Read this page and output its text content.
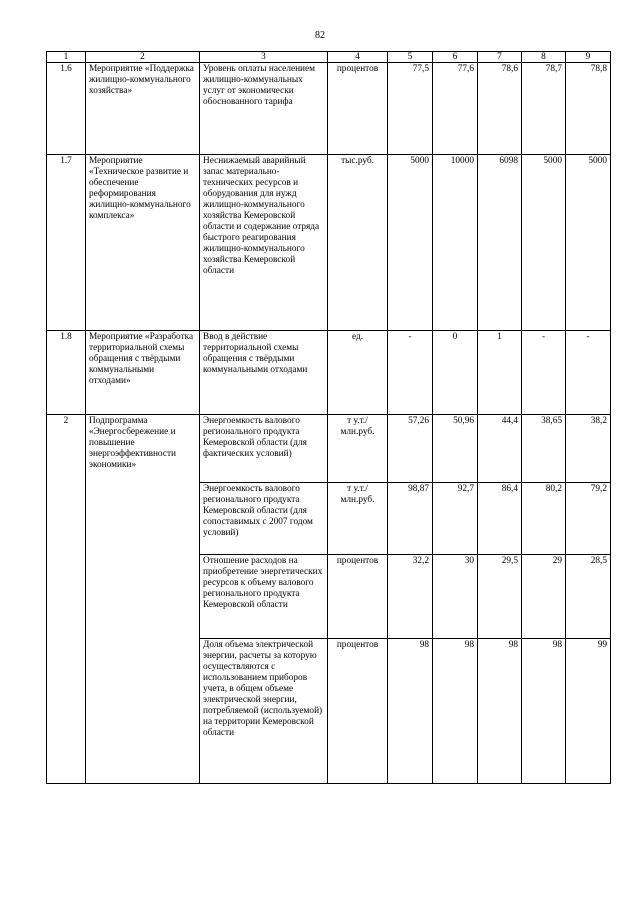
82
1	2	3	4	5	6	7	8	9
1.6	Мероприятие «Поддержка жилищно-коммунального хозяйства»	Уровень оплаты населением жилищно-коммунальных услуг от экономически обоснованного тарифа	процентов	77,5	77,6	78,6	78,7	78,8
1.7	Мероприятие «Техническое развитие и обеспечение реформирования жилищно-коммунального комплекса»	Неснижаемый аварийный запас материально-технических ресурсов и оборудования для нужд жилищно-коммунального хозяйства Кемеровской области и содержание отряда быстрого реагирования жилищно-коммунального хозяйства Кемеровской области	тыс.руб.	5000	10000	6098	5000	5000
1.8	Мероприятие «Разработка территориальной схемы обращения с твёрдыми коммунальными отходами»	Ввод в действие территориальной схемы обращения с твёрдыми коммунальными отходами	ед.	-	0	1	-	-
2	Подпрограмма «Энергосбережение и повышение энергоэффективности экономики»	Энергоемкость валового регионального продукта Кемеровской области (для фактических условий)	т у.т./ млн.руб.	57,26	50,96	44,4	38,65	38,2
		Энергоемкость валового регионального продукта Кемеровской области (для сопоставимых с 2007 годом условий)	т у.т./ млн.руб.	98,87	92,7	86,4	80,2	79,2
		Отношение расходов на приобретение энергетических ресурсов к объему валового регионального продукта Кемеровской области	процентов	32,2	30	29,5	29	28,5
		Доля объема электрической энергии, расчеты за которую осуществляются с использованием приборов учета, в общем объеме электрической энергии, потребляемой (используемой) на территории Кемеровской области	процентов	98	98	98	98	99
